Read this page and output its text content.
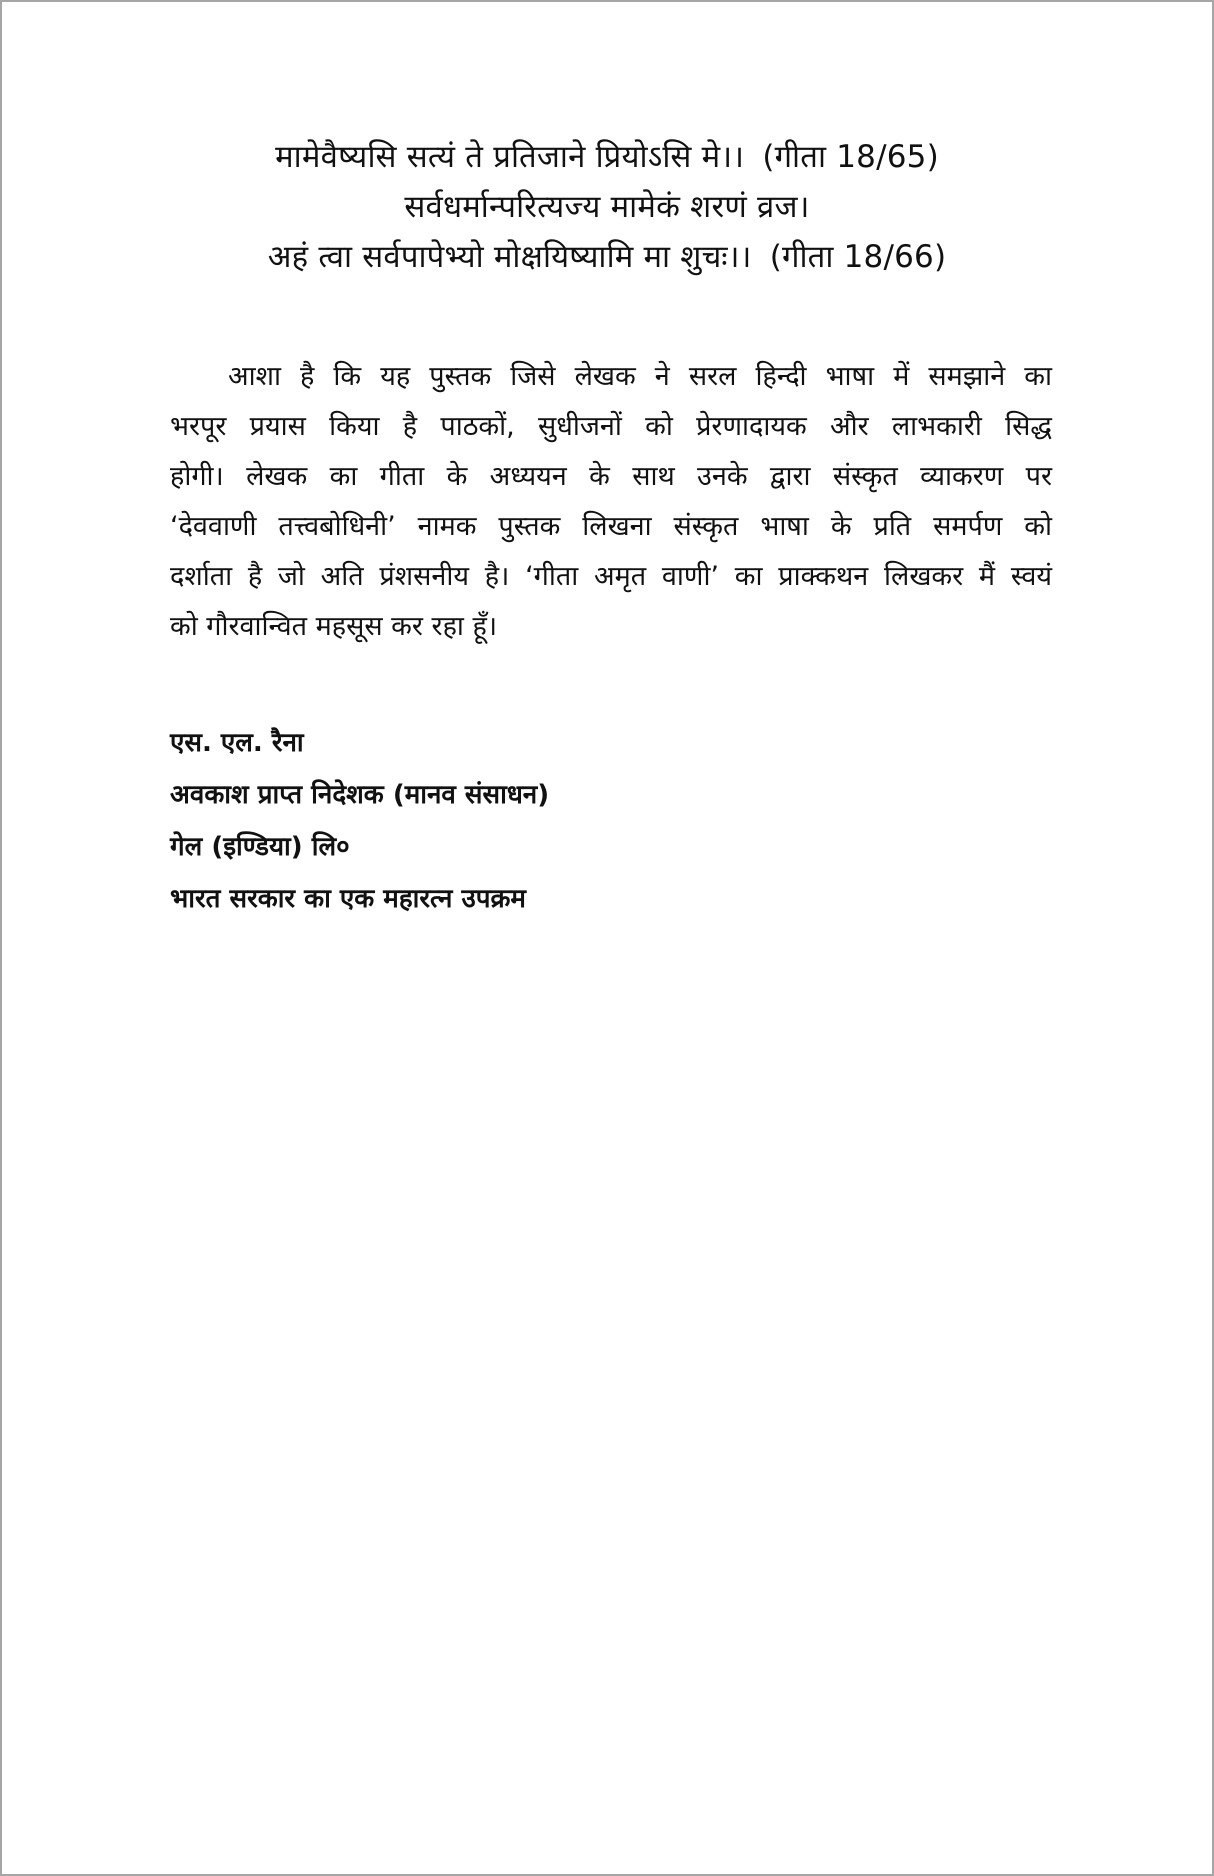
मामेवैष्यसि सत्यं ते प्रतिजाने प्रियोऽसि मे।। (गीता 18/65)
सर्वधर्मान्परित्यज्य मामेकं शरणं व्रज।
अहं त्वा सर्वपापेभ्यो मोक्षयिष्यामि मा शुचः।। (गीता 18/66)
आशा है कि यह पुस्तक जिसे लेखक ने सरल हिन्दी भाषा में समझाने का
भरपूर प्रयास किया है पाठकों, सुधीजनों को प्रेरणादायक और लाभकारी सिद्ध
होगी। लेखक का गीता के अध्ययन के साथ उनके द्वारा संस्कृत व्याकरण पर
‘देववाणी तत्त्वबोधिनी’ नामक पुस्तक लिखना संस्कृत भाषा के प्रति समर्पण को
दर्शाता है जो अति प्रंशसनीय है। ‘गीता अमृत वाणी’ का प्राक्कथन लिखकर मैं स्वयं
को गौरवान्वित महसूस कर रहा हूँ।
एस. एल. रैना
अवकाश प्राप्त निदेशक (मानव संसाधन)
गेल (इण्डिया) लि०
भारत सरकार का एक महारत्न उपक्रम
